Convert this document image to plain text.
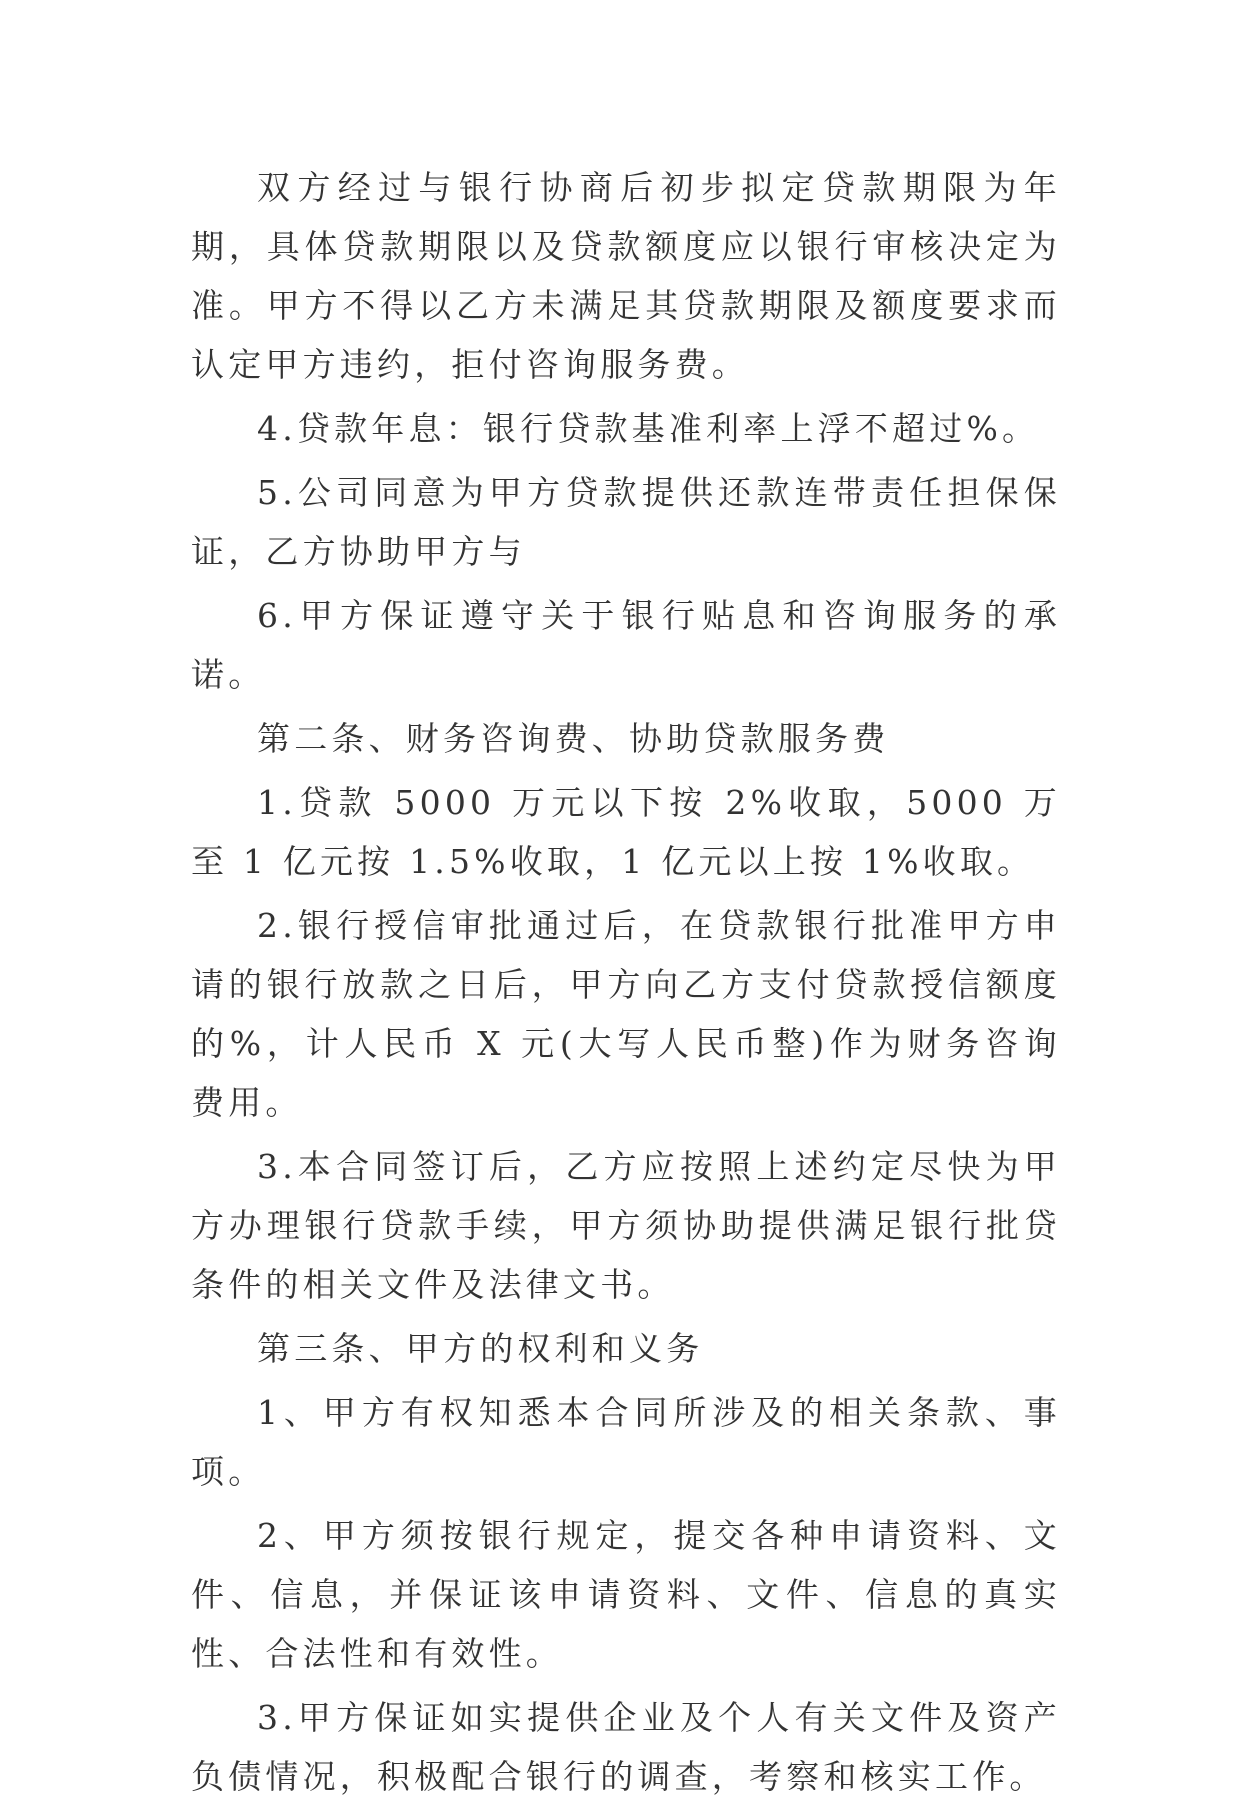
双方经过与银行协商后初步拟定贷款期限为年期，具体贷款期限以及贷款额度应以银行审核决定为准。甲方不得以乙方未满足其贷款期限及额度要求而认定甲方违约，拒付咨询服务费。

4.贷款年息：银行贷款基准利率上浮不超过%。

5.公司同意为甲方贷款提供还款连带责任担保保证，乙方协助甲方与

6.甲方保证遵守关于银行贴息和咨询服务的承诺。

第二条、财务咨询费、协助贷款服务费

1.贷款 5000 万元以下按 2%收取，5000 万至 1 亿元按 1.5%收取，1 亿元以上按 1%收取。

2.银行授信审批通过后，在贷款银行批准甲方申请的银行放款之日后，甲方向乙方支付贷款授信额度的%，计人民币 X 元(大写人民币整)作为财务咨询费用。

3.本合同签订后，乙方应按照上述约定尽快为甲方办理银行贷款手续，甲方须协助提供满足银行批贷条件的相关文件及法律文书。

第三条、甲方的权利和义务

1、甲方有权知悉本合同所涉及的相关条款、事项。

2、甲方须按银行规定，提交各种申请资料、文件、信息，并保证该申请资料、文件、信息的真实性、合法性和有效性。

3.甲方保证如实提供企业及个人有关文件及资产负债情况，积极配合银行的调查，考察和核实工作。
